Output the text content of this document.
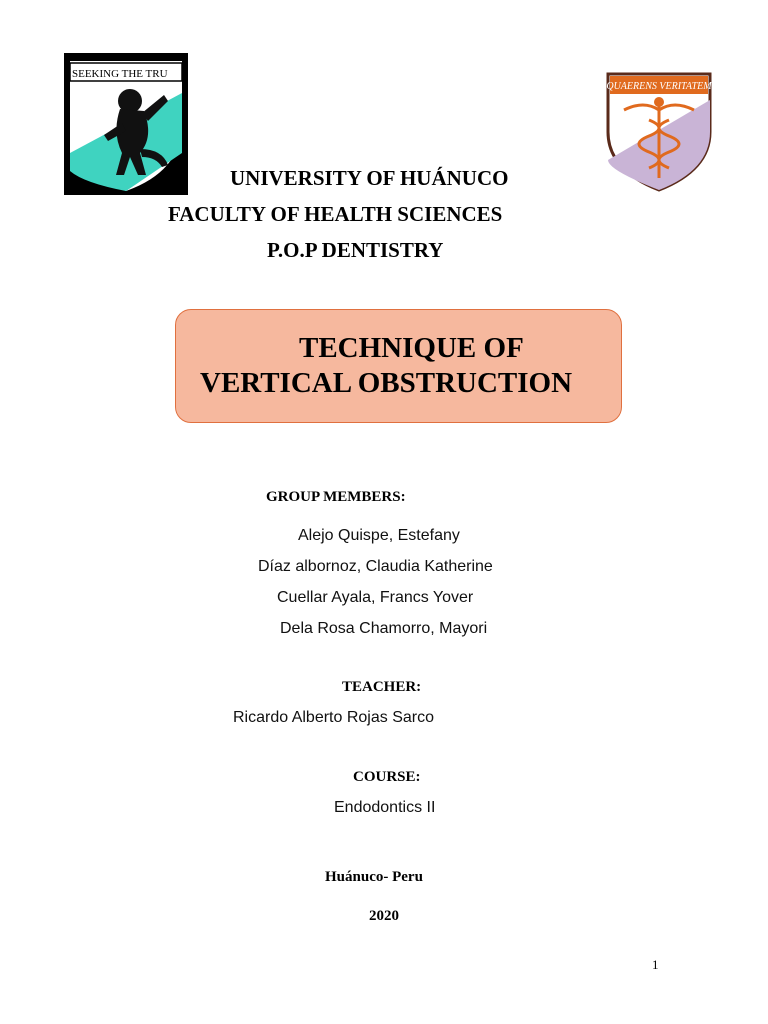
SEEKING THE TRU
QUAERENS VERITATEM
UNIVERSITY OF HUÁNUCO
FACULTY OF HEALTH SCIENCES
P.O.P DENTISTRY
TECHNIQUE OF
VERTICAL OBSTRUCTION
GROUP MEMBERS:
Alejo Quispe, Estefany
Díaz albornoz, Claudia Katherine
Cuellar Ayala, Francs Yover
Dela Rosa Chamorro, Mayori
TEACHER:
Ricardo Alberto Rojas Sarco
COURSE:
Endodontics II
Huánuco- Peru
2020
1
